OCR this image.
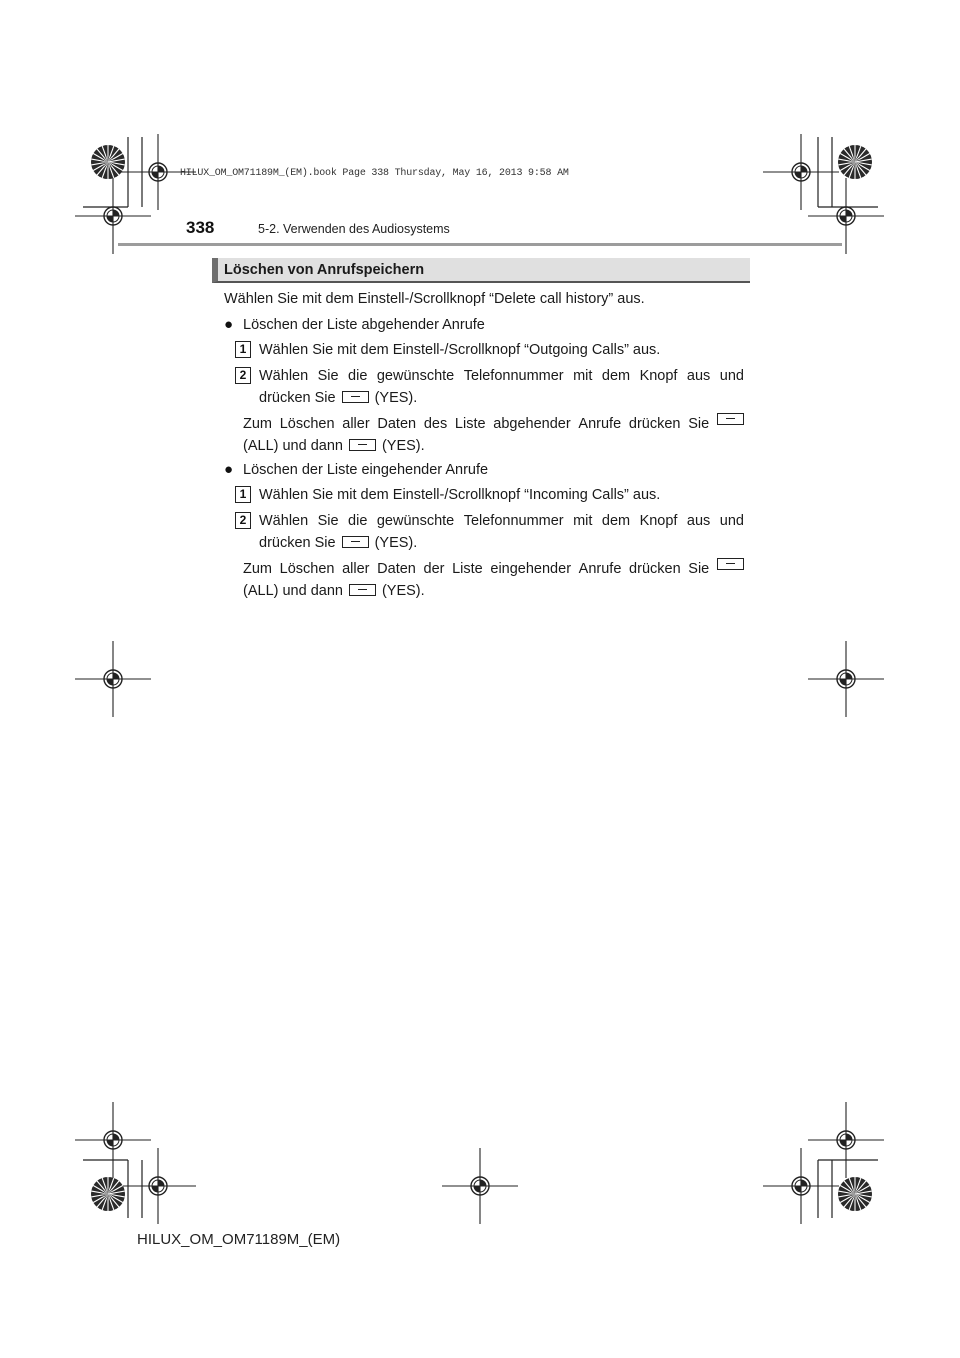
HILUX_OM_OM71189M_(EM).book Page 338 Thursday, May 16, 2013 9:58 AM
338	5-2. Verwenden des Audiosystems
Löschen von Anrufspeichern
Wählen Sie mit dem Einstell-/Scrollknopf “Delete call history” aus.
● Löschen der Liste abgehender Anrufe
1 Wählen Sie mit dem Einstell-/Scrollknopf “Outgoing Calls” aus.
2 Wählen Sie die gewünschte Telefonnummer mit dem Knopf aus und
drücken Sie	(YES).
Zum Löschen aller Daten des Liste abgehender Anrufe drücken Sie
(ALL) und dann	(YES).
● Löschen der Liste eingehender Anrufe
1 Wählen Sie mit dem Einstell-/Scrollknopf “Incoming Calls” aus.
2 Wählen Sie die gewünschte Telefonnummer mit dem Knopf aus und
drücken Sie	(YES).
Zum Löschen aller Daten der Liste eingehender Anrufe drücken Sie
(ALL) und dann	(YES).
HILUX_OM_OM71189M_(EM)
